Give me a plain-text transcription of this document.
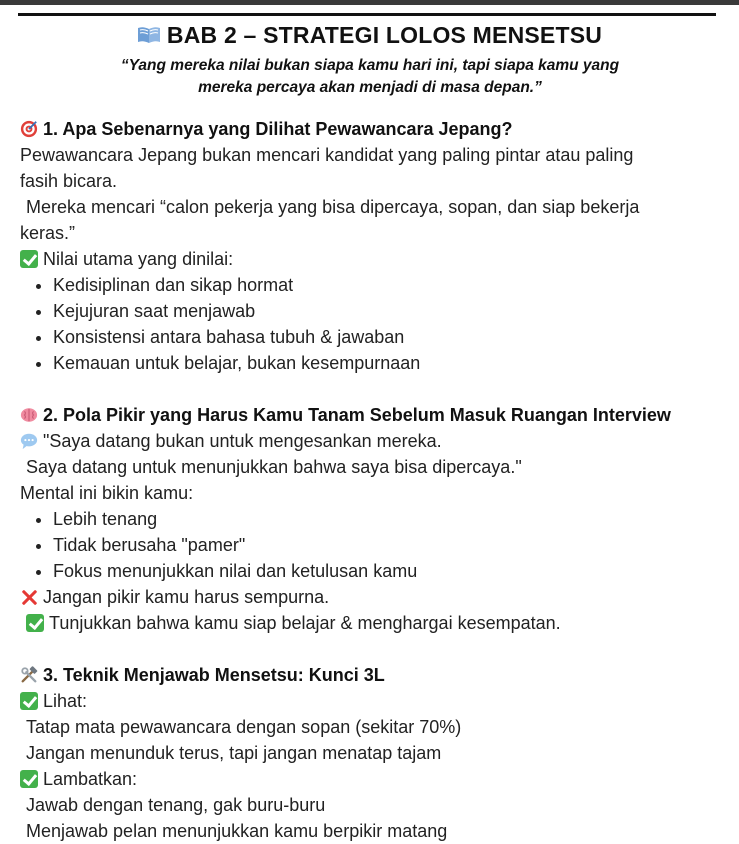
BAB 2 – STRATEGI LOLOS MENSETSU
“Yang mereka nilai bukan siapa kamu hari ini, tapi siapa kamu yang
mereka percaya akan menjadi di masa depan.”
1. Apa Sebenarnya yang Dilihat Pewawancara Jepang?
Pewawancara Jepang bukan mencari kandidat yang paling pintar atau paling
fasih bicara.
Mereka mencari “calon pekerja yang bisa dipercaya, sopan, dan siap bekerja
keras.”
Nilai utama yang dinilai:
• Kedisiplinan dan sikap hormat
• Kejujuran saat menjawab
• Konsistensi antara bahasa tubuh & jawaban
• Kemauan untuk belajar, bukan kesempurnaan
2. Pola Pikir yang Harus Kamu Tanam Sebelum Masuk Ruangan Interview
"Saya datang bukan untuk mengesankan mereka.
Saya datang untuk menunjukkan bahwa saya bisa dipercaya."
Mental ini bikin kamu:
• Lebih tenang
• Tidak berusaha "pamer"
• Fokus menunjukkan nilai dan ketulusan kamu
Jangan pikir kamu harus sempurna.
Tunjukkan bahwa kamu siap belajar & menghargai kesempatan.
3. Teknik Menjawab Mensetsu: Kunci 3L
Lihat:
Tatap mata pewawancara dengan sopan (sekitar 70%)
Jangan menunduk terus, tapi jangan menatap tajam
Lambatkan:
Jawab dengan tenang, gak buru-buru
Menjawab pelan menunjukkan kamu berpikir matang
